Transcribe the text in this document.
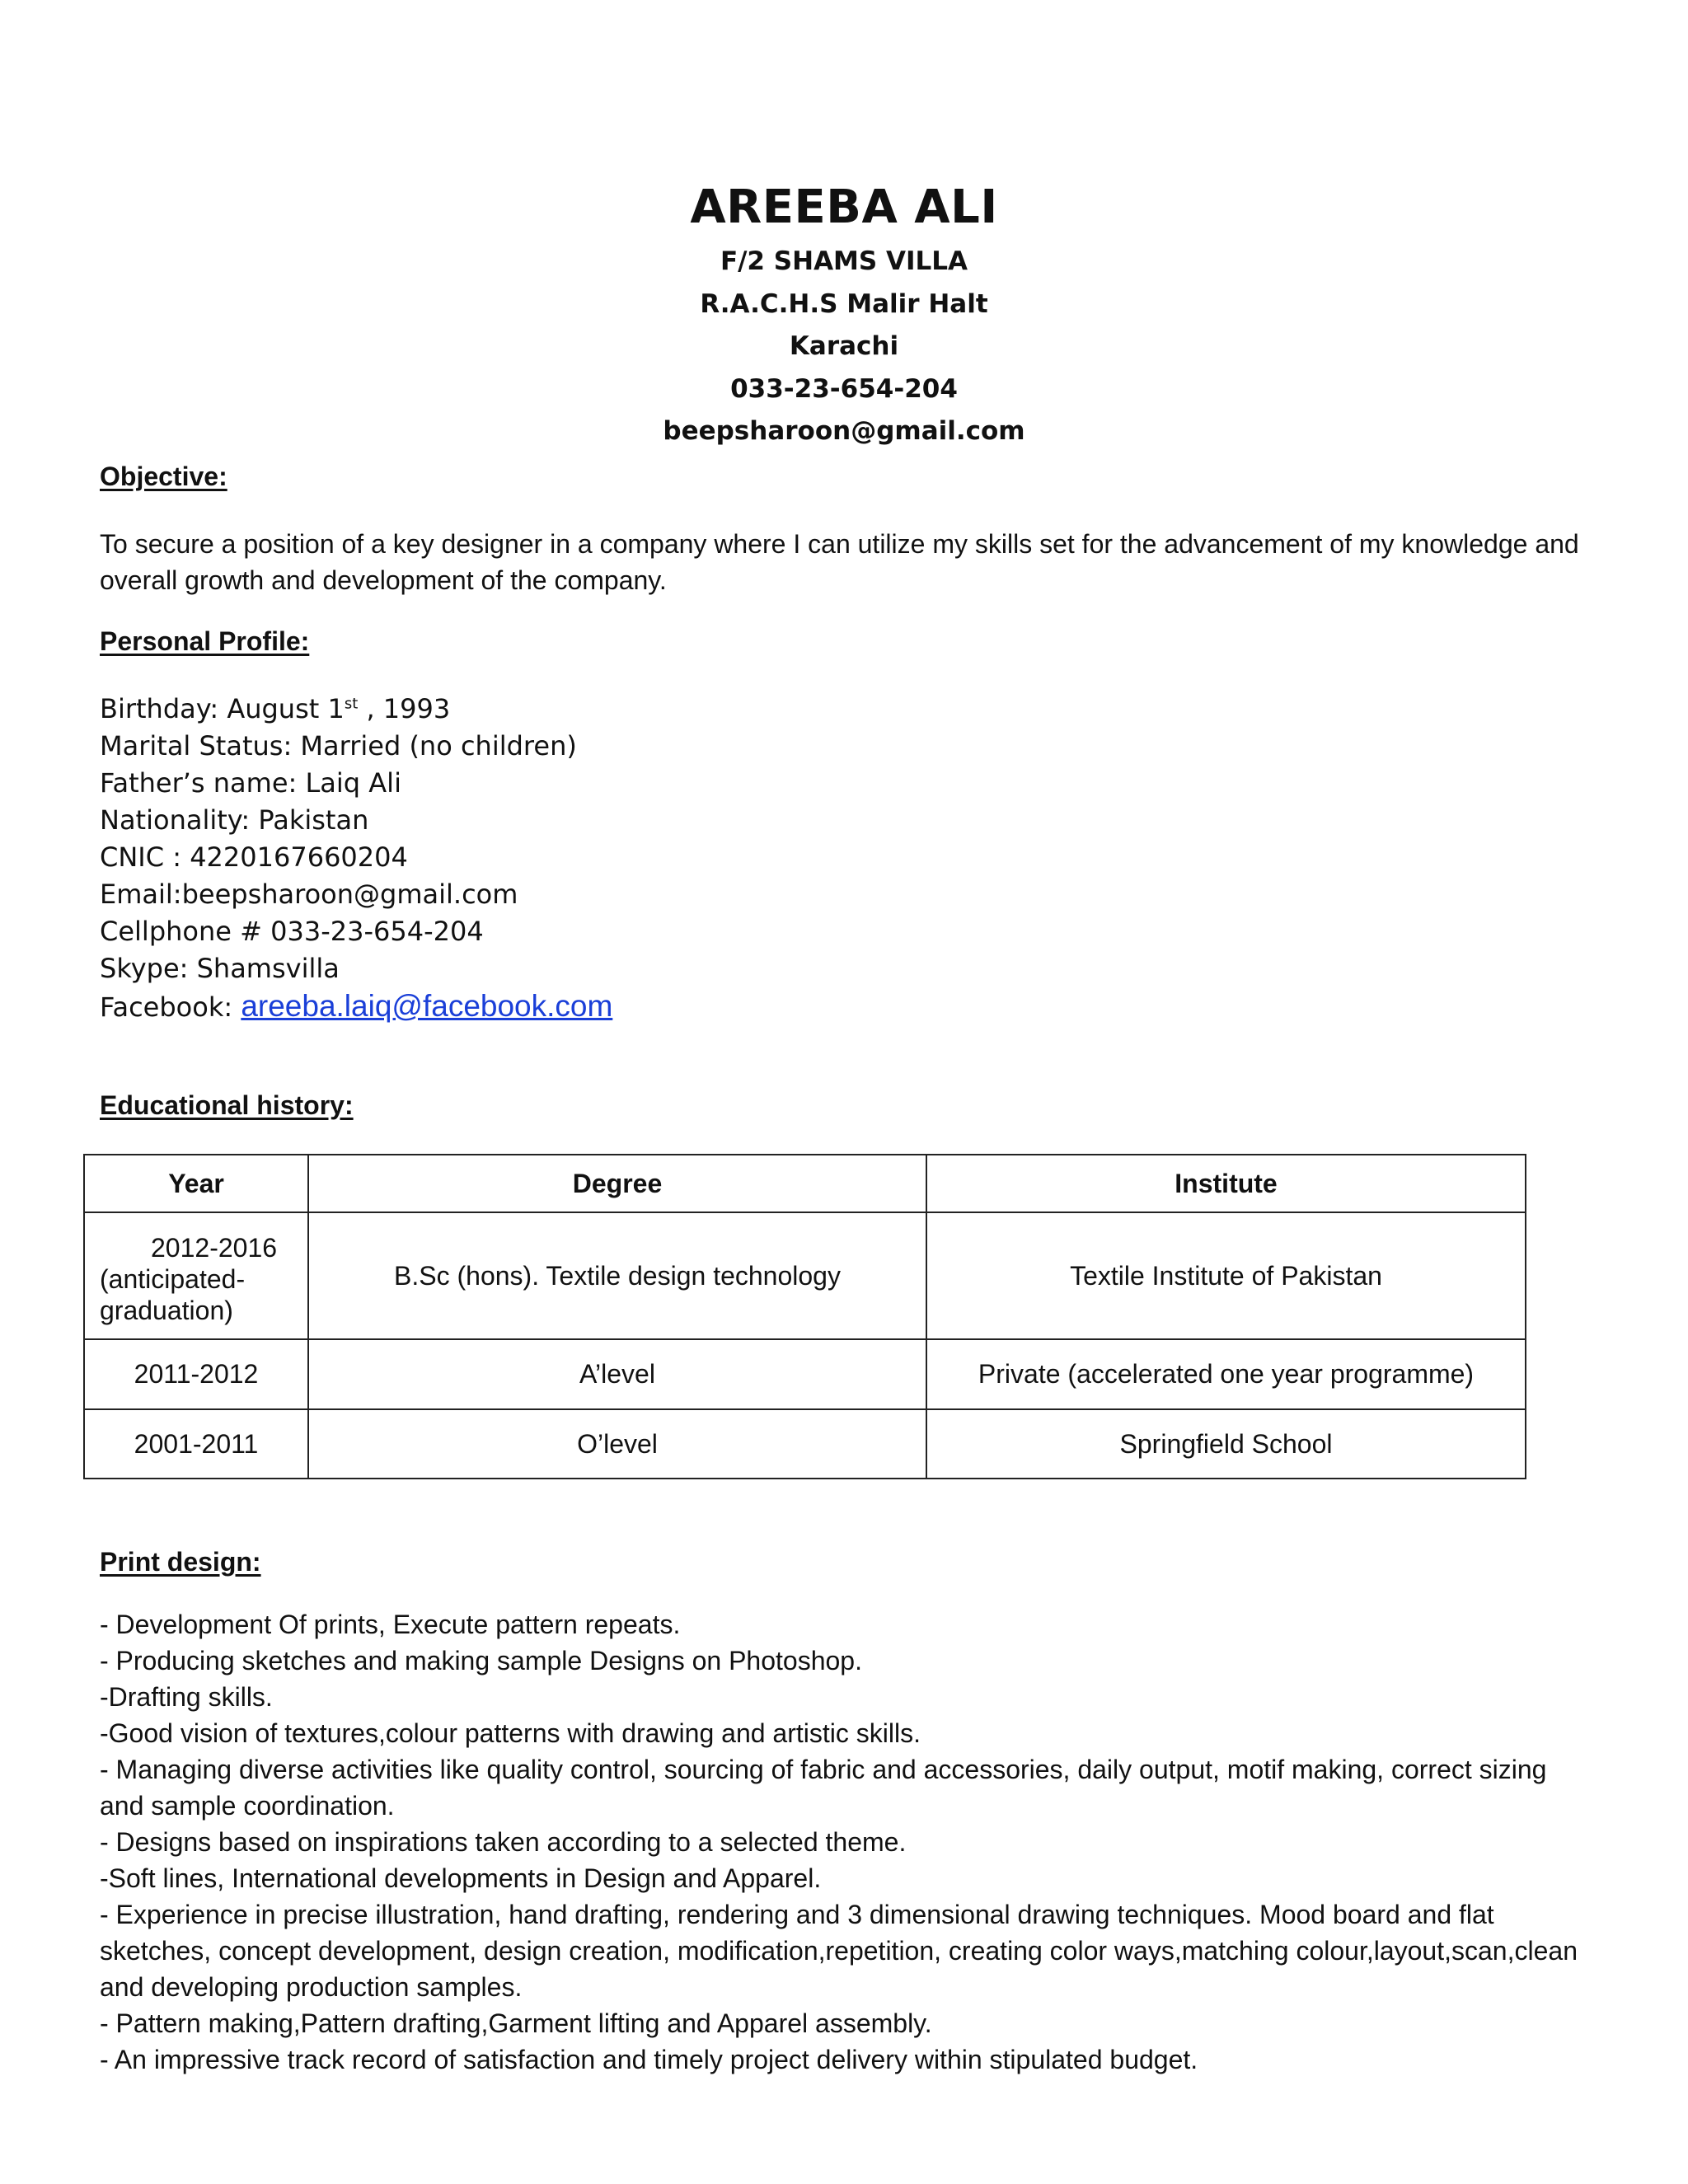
AREEBA ALI
F/2 SHAMS VILLA
R.A.C.H.S Malir Halt
Karachi
033-23-654-204
beepsharoon@gmail.com
Objective:
To secure a position of a key designer in a company where I can utilize my skills set for the advancement of my knowledge and overall growth and development of the company.
Personal Profile:
Birthday: August 1st , 1993
Marital Status: Married (no children)
Father’s name: Laiq Ali
Nationality: Pakistan
CNIC : 4220167660204
Email:beepsharoon@gmail.com
Cellphone # 033-23-654-204
Skype: Shamsvilla
Facebook: areeba.laiq@facebook.com
Educational history:
Year	Degree	Institute

2012-2016
(anticipated-
graduation)	B.Sc (hons). Textile design technology	Textile Institute of Pakistan
2011-2012	A’level	Private (accelerated one year programme)
2001-2011	O’level	Springfield School
Print design:
- Development Of prints, Execute pattern repeats.
- Producing sketches and making sample Designs on Photoshop.
-Drafting skills.
-Good vision of textures,colour patterns with drawing and artistic skills.
- Managing diverse activities like quality control, sourcing of fabric and accessories, daily output, motif making, correct sizing and sample coordination.
- Designs based on inspirations taken according to a selected theme.
-Soft lines, International developments in Design and Apparel.
- Experience in precise illustration, hand drafting, rendering and 3 dimensional drawing techniques. Mood board and flat sketches, concept development, design creation, modification,repetition, creating color ways,matching colour,layout,scan,clean and developing production samples.
- Pattern making,Pattern drafting,Garment lifting and Apparel assembly.
- An impressive track record of satisfaction and timely project delivery within stipulated budget.
